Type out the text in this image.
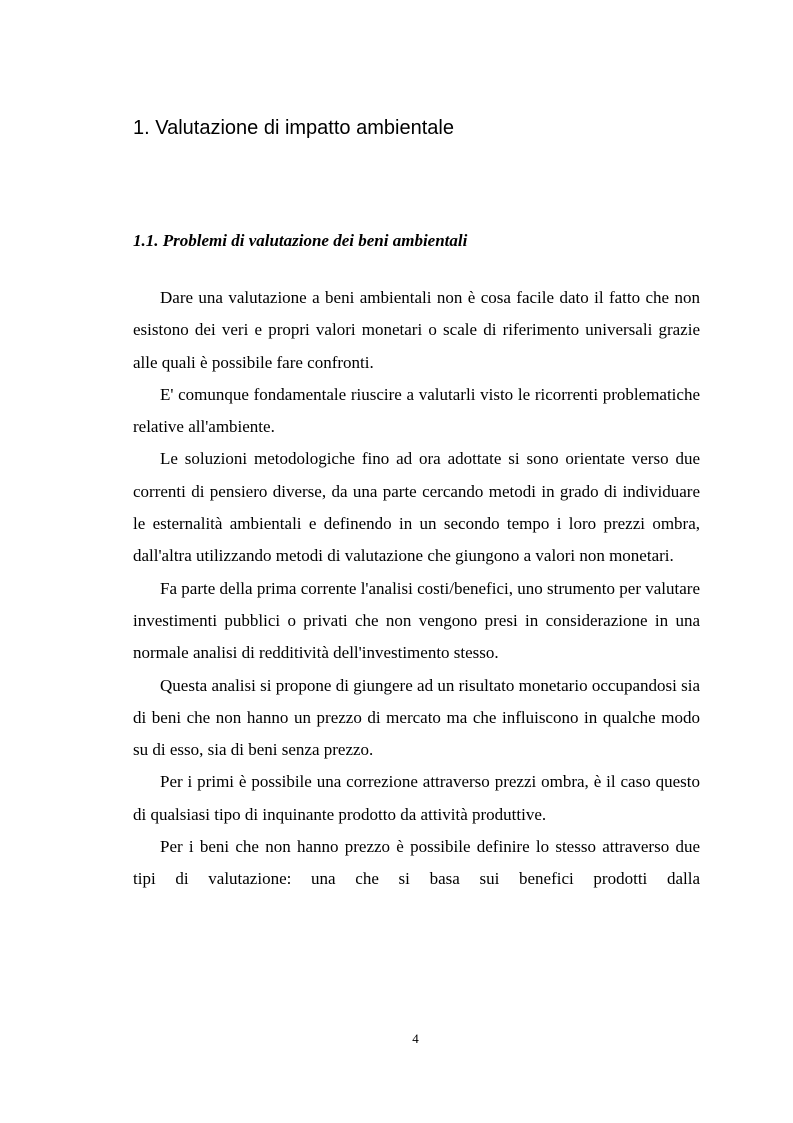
1. Valutazione di impatto ambientale
1.1. Problemi di valutazione dei beni ambientali

Dare una valutazione a beni ambientali non è cosa facile dato il fatto che non esistono dei veri e propri valori monetari o scale di riferimento universali grazie alle quali è possibile fare confronti.

E' comunque fondamentale riuscire a valutarli visto le ricorrenti problematiche relative all'ambiente.

Le soluzioni metodologiche fino ad ora adottate si sono orientate verso due correnti di pensiero diverse, da una parte cercando metodi in grado di individuare le esternalità ambientali e definendo in un secondo tempo i loro prezzi ombra, dall'altra utilizzando metodi di valutazione che giungono a valori non monetari.

Fa parte della prima corrente l'analisi costi/benefici, uno strumento per valutare investimenti pubblici o privati che non vengono presi in considerazione in una normale analisi di redditività dell'investimento stesso.

Questa analisi si propone di giungere ad un risultato monetario occupandosi sia di beni che non hanno un prezzo di mercato ma che influiscono in qualche modo su di esso, sia di beni senza prezzo.

Per i primi è possibile una correzione attraverso prezzi ombra, è il caso questo di qualsiasi tipo di inquinante prodotto da attività produttive.

Per i beni che non hanno prezzo è possibile definire lo stesso attraverso due tipi di valutazione: una che si basa sui benefici prodotti dalla

4
